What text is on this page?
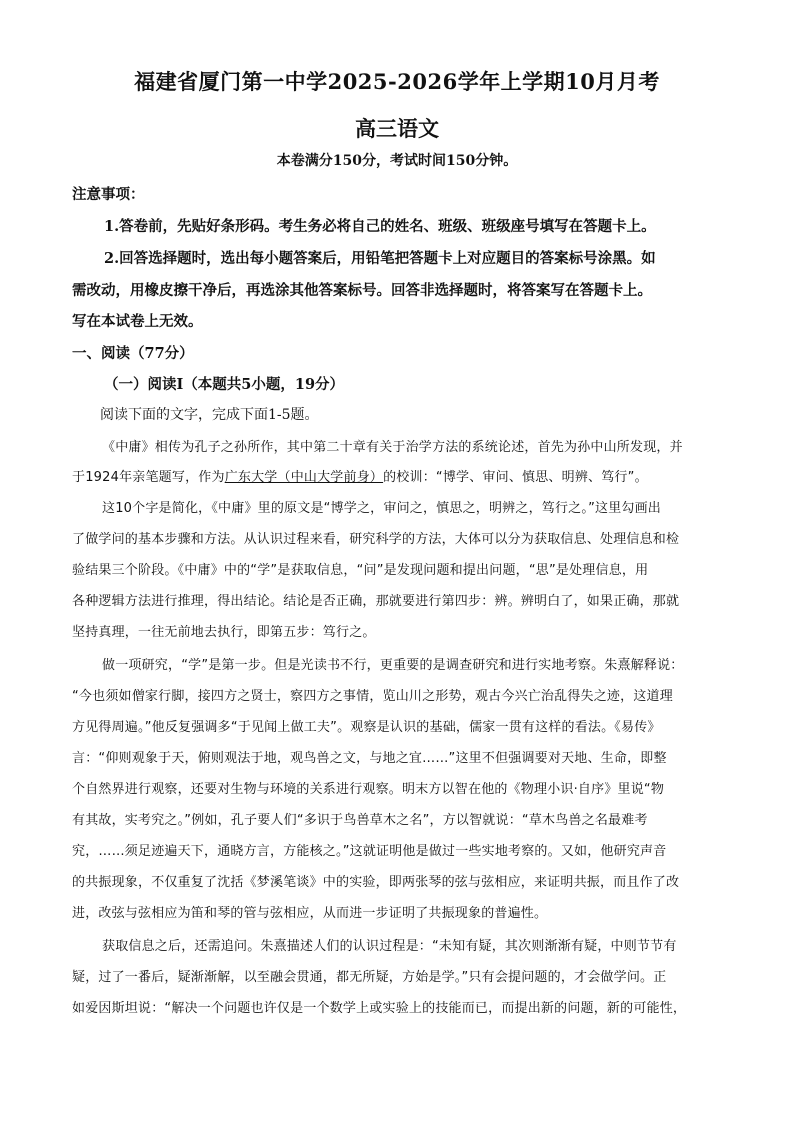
福建省厦门第一中学2025-2026学年上学期10月月考
高三语文
本卷满分150分，考试时间150分钟。
注意事项：
1.答卷前，先贴好条形码。考生务必将自己的姓名、班级、班级座号填写在答题卡上。
2.回答选择题时，选出每小题答案后，用铅笔把答题卡上对应题目的答案标号涂黑。如
需改动，用橡皮擦干净后，再选涂其他答案标号。回答非选择题时，将答案写在答题卡上。
写在本试卷上无效。
一、阅读（77分）
（一）阅读Ⅰ（本题共5小题，19分）
阅读下面的文字，完成下面1-5题。
《中庸》相传为孔子之孙所作，其中第二十章有关于治学方法的系统论述，首先为孙中山所发现，并
于1924年亲笔题写，作为广东大学（中山大学前身）的校训：“博学、审问、慎思、明辨、笃行”。
这10个字是简化，《中庸》里的原文是“博学之，审问之，慎思之，明辨之，笃行之。”这里勾画出
了做学问的基本步骤和方法。从认识过程来看，研究科学的方法，大体可以分为获取信息、处理信息和检
验结果三个阶段。《中庸》中的“学”是获取信息，“问”是发现问题和提出问题，“思”是处理信息，用
各种逻辑方法进行推理，得出结论。结论是否正确，那就要进行第四步：辨。辨明白了，如果正确，那就
坚持真理，一往无前地去执行，即第五步：笃行之。
做一项研究，“学”是第一步。但是光读书不行，更重要的是调查研究和进行实地考察。朱熹解释说：
“今也须如僧家行脚，接四方之贤士，察四方之事情，览山川之形势，观古今兴亡治乱得失之迹，这道理
方见得周遍。”他反复强调多“于见闻上做工夫”。观察是认识的基础，儒家一贯有这样的看法。《易传》
言：“仰则观象于天，俯则观法于地，观鸟兽之文，与地之宜……”这里不但强调要对天地、生命，即整
个自然界进行观察，还要对生物与环境的关系进行观察。明末方以智在他的《物理小识·自序》里说“物
有其故，实考究之。”例如，孔子要人们“多识于鸟兽草木之名”，方以智就说：“草木鸟兽之名最难考
究，……须足迹遍天下，通晓方言，方能核之。”这就证明他是做过一些实地考察的。又如，他研究声音
的共振现象，不仅重复了沈括《梦溪笔谈》中的实验，即两张琴的弦与弦相应，来证明共振，而且作了改
进，改弦与弦相应为笛和琴的管与弦相应，从而进一步证明了共振现象的普遍性。
获取信息之后，还需追问。朱熹描述人们的认识过程是：“未知有疑，其次则渐渐有疑，中则节节有
疑，过了一番后，疑渐渐解，以至融会贯通，都无所疑，方始是学。”只有会提问题的，才会做学问。正
如爱因斯坦说：“解决一个问题也许仅是一个数学上或实验上的技能而已，而提出新的问题，新的可能性，
